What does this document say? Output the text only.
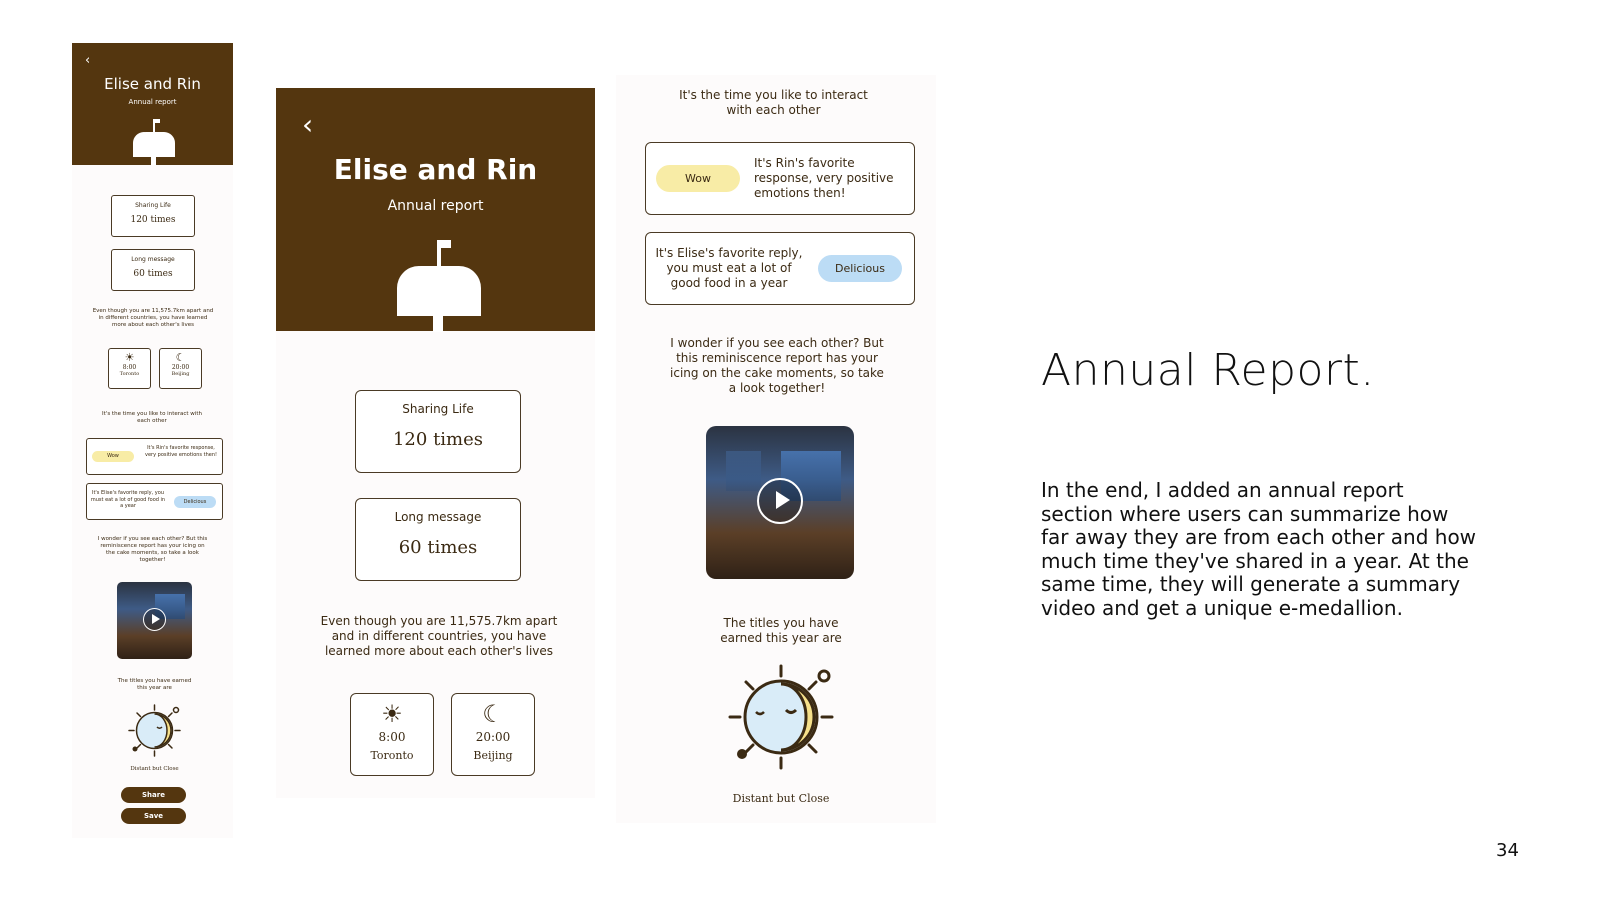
‹
Elise and Rin
Annual report
Sharing Life
120 times
Long message
60 times
Even though you are 11,575.7km apart and in different countries, you have learned more about each other's lives
☀
8:00
Toronto
☾
20:00
Beijing
It's the time you like to interact with each other
Wow
It's Rin's favorite response, very positive emotions then!
It's Elise's favorite reply, you must eat a lot of good food in a year
Delicious
I wonder if you see each other? But this reminiscence report has your icing on the cake moments, so take a look together!
The titles you have earned this year are
Distant but Close
Share
Save
‹
Elise and Rin
Annual report
Sharing Life
120 times
Long message
60 times
Even though you are 11,575.7km apart and in different countries, you have learned more about each other's lives
☀
8:00
Toronto
☾
20:00
Beijing
It's the time you like to interact with each other
Wow
It's Rin's favorite response, very positive emotions then!
It's Elise's favorite reply, you must eat a lot of good food in a year
Delicious
I wonder if you see each other? But this reminiscence report has your icing on the cake moments, so take a look together!
The titles you have earned this year are
Distant but Close
Annual Report.
In the end, I added an annual report section where users can summarize how far away they are from each other and how much time they've shared in a year. At the same time, they will generate a summary video and get a unique e-medallion.
34
